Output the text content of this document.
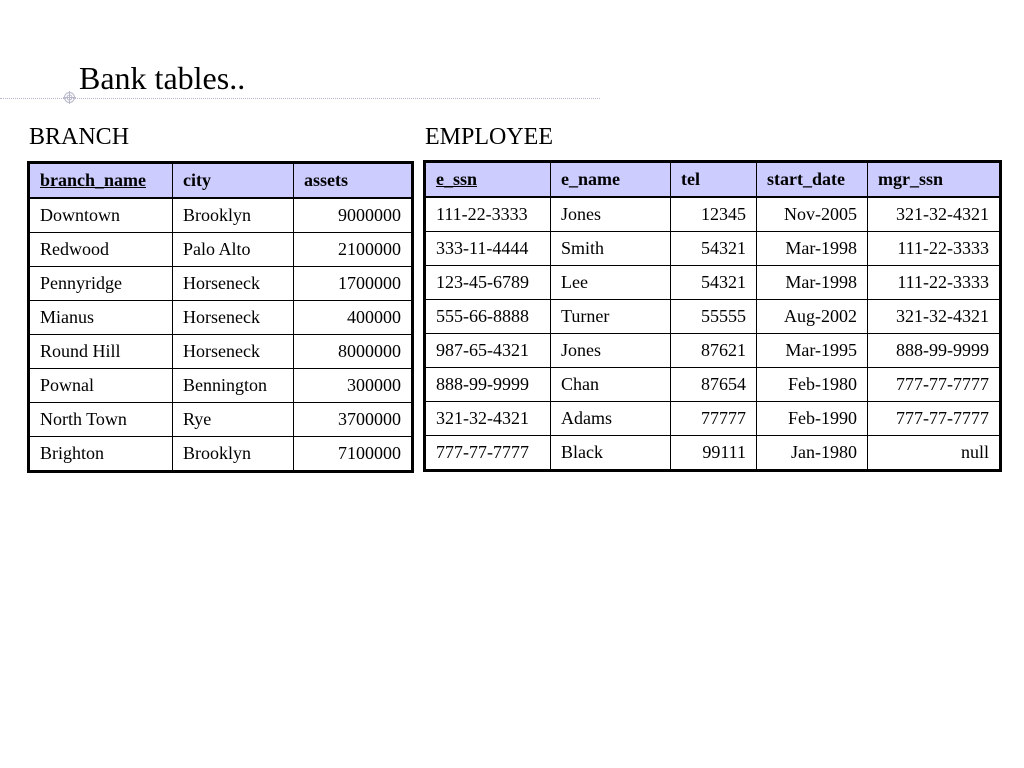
Bank tables..
BRANCH	EMPLOYEE
branch_name	city	assets
Downtown	Brooklyn	9000000
Redwood	Palo Alto	2100000
Pennyridge	Horseneck	1700000
Mianus	Horseneck	400000
Round Hill	Horseneck	8000000
Pownal	Bennington	300000
North Town	Rye	3700000
Brighton	Brooklyn	7100000
e_ssn	e_name	tel	start_date	mgr_ssn
111-22-3333	Jones	12345	Nov-2005	321-32-4321
333-11-4444	Smith	54321	Mar-1998	111-22-3333
123-45-6789	Lee	54321	Mar-1998	111-22-3333
555-66-8888	Turner	55555	Aug-2002	321-32-4321
987-65-4321	Jones	87621	Mar-1995	888-99-9999
888-99-9999	Chan	87654	Feb-1980	777-77-7777
321-32-4321	Adams	77777	Feb-1990	777-77-7777
777-77-7777	Black	99111	Jan-1980	null
